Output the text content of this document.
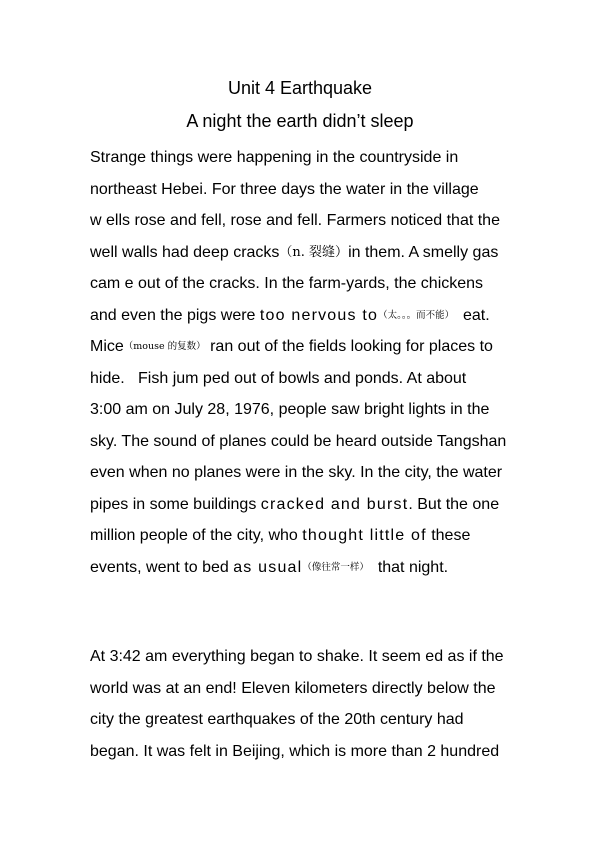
Unit 4 Earthquake
A night the earth didn’t sleep
Strange things were happening in the countryside in
northeast Hebei. For three days the water in the village
w ells rose and fell, rose and fell. Farmers noticed that the
well walls had deep cracks（n. 裂缝）in them. A smelly gas
cam e out of the cracks. In the farm-yards, the chickens
and even the pigs were too nervous to（太。。。而不能）  eat.
Mice（mouse 的复数） ran out of the fields looking for places to
hide.   Fish jum ped out of bowls and ponds. At about
3:00 am on July 28, 1976, people saw bright lights in the
sky. The sound of planes could be heard outside Tangshan
even when no planes were in the sky. In the city, the water
pipes in some buildings cracked and burst. But the one
million people of the city, who thought little of these
events, went to bed as usual（像往常一样）  that night.
At 3:42 am everything began to shake. It seem ed as if the
world was at an end! Eleven kilometers directly below the
city the greatest earthquakes of the 20th century had
began. It was felt in Beijing, which is more than 2 hundred
